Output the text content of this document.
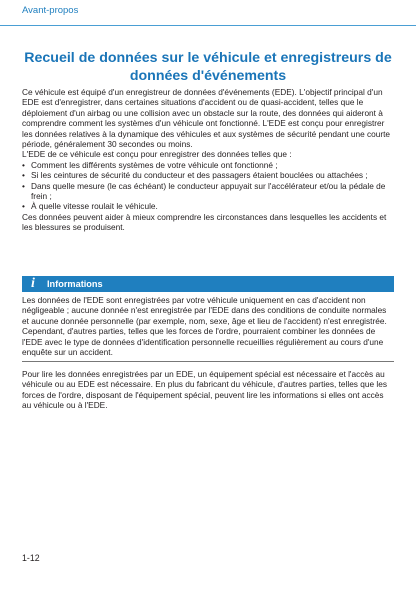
Avant-propos
Recueil de données sur le véhicule et enregistreurs de
données d'événements

Ce véhicule est équipé d'un enregistreur de données d'événements (EDE). L'objectif principal d'un EDE est d'enregistrer, dans certaines situations d'accident ou de quasi-accident, telles que le déploiement d'un airbag ou une collision avec un obstacle sur la route, des données qui aideront à comprendre comment les systèmes d'un véhicule ont fonctionné. L'EDE est conçu pour enregistrer les données relatives à la dynamique des véhicules et aux systèmes de sécurité pendant une courte période, généralement 30 secondes ou moins.

L'EDE de ce véhicule est conçu pour enregistrer des données telles que :

• Comment les différents systèmes de votre véhicule ont fonctionné ;
• Si les ceintures de sécurité du conducteur et des passagers étaient bouclées ou attachées ;
• Dans quelle mesure (le cas échéant) le conducteur appuyait sur l'accélérateur et/ou la pédale de frein ;
• À quelle vitesse roulait le véhicule.

Ces données peuvent aider à mieux comprendre les circonstances dans lesquelles les accidents et les blessures se produisent.

i	Informations
Les données de l'EDE sont enregistrées par votre véhicule uniquement en cas d'accident non négligeable ; aucune donnée n'est enregistrée par l'EDE dans des conditions de conduite normales et aucune donnée personnelle (par exemple, nom, sexe, âge et lieu de l'accident) n'est enregistrée. Cependant, d'autres parties, telles que les forces de l'ordre, pourraient combiner les données de l'EDE avec le type de données d'identification personnelle recueillies régulièrement au cours d'une enquête sur un accident.

Pour lire les données enregistrées par un EDE, un équipement spécial est nécessaire et l'accès au véhicule ou au EDE est nécessaire. En plus du fabricant du véhicule, d'autres parties, telles que les forces de l'ordre, disposant de l'équipement spécial, peuvent lire les informations si elles ont accès au véhicule ou à l'EDE.

1-12
